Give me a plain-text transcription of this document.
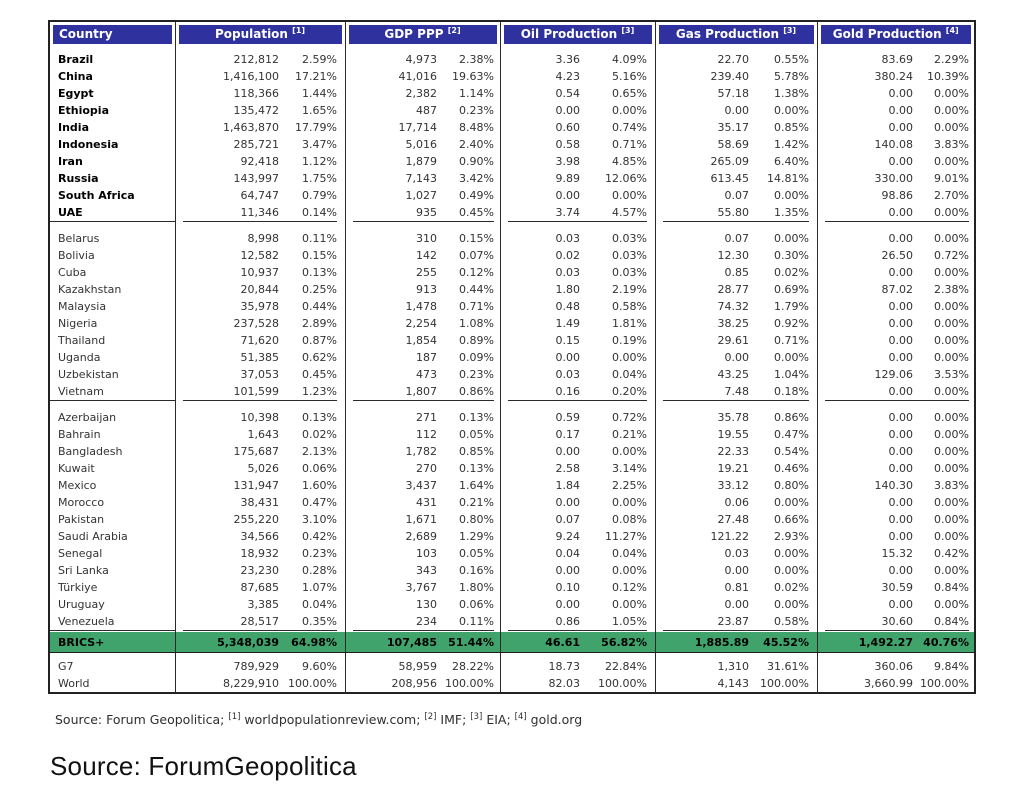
Country	Population [1]				GDP PPP [2]				Oil Production [3]				Gas Production [3]				Gold Production [4]

Brazil		212,812	2.59%			4,973	2.38%			3.36	4.09%			22.70	0.55%			83.69	2.29%	
China		1,416,100	17.21%			41,016	19.63%			4.23	5.16%			239.40	5.78%			380.24	10.39%	
Egypt		118,366	1.44%			2,382	1.14%			0.54	0.65%			57.18	1.38%			0.00	0.00%	
Ethiopia		135,472	1.65%			487	0.23%			0.00	0.00%			0.00	0.00%			0.00	0.00%	
India		1,463,870	17.79%			17,714	8.48%			0.60	0.74%			35.17	0.85%			0.00	0.00%	
Indonesia		285,721	3.47%			5,016	2.40%			0.58	0.71%			58.69	1.42%			140.08	3.83%	
Iran		92,418	1.12%			1,879	0.90%			3.98	4.85%			265.09	6.40%			0.00	0.00%	
Russia		143,997	1.75%			7,143	3.42%			9.89	12.06%			613.45	14.81%			330.00	9.01%	
South Africa		64,747	0.79%			1,027	0.49%			0.00	0.00%			0.07	0.00%			98.86	2.70%	
UAE		11,346	0.14%			935	0.45%			3.74	4.57%			55.80	1.35%			0.00	0.00%	

Belarus		8,998	0.11%			310	0.15%			0.03	0.03%			0.07	0.00%			0.00	0.00%	
Bolivia		12,582	0.15%			142	0.07%			0.02	0.03%			12.30	0.30%			26.50	0.72%	
Cuba		10,937	0.13%			255	0.12%			0.03	0.03%			0.85	0.02%			0.00	0.00%	
Kazakhstan		20,844	0.25%			913	0.44%			1.80	2.19%			28.77	0.69%			87.02	2.38%	
Malaysia		35,978	0.44%			1,478	0.71%			0.48	0.58%			74.32	1.79%			0.00	0.00%	
Nigeria		237,528	2.89%			2,254	1.08%			1.49	1.81%			38.25	0.92%			0.00	0.00%	
Thailand		71,620	0.87%			1,854	0.89%			0.15	0.19%			29.61	0.71%			0.00	0.00%	
Uganda		51,385	0.62%			187	0.09%			0.00	0.00%			0.00	0.00%			0.00	0.00%	
Uzbekistan		37,053	0.45%			473	0.23%			0.03	0.04%			43.25	1.04%			129.06	3.53%	
Vietnam		101,599	1.23%			1,807	0.86%			0.16	0.20%			7.48	0.18%			0.00	0.00%	

Azerbaijan		10,398	0.13%			271	0.13%			0.59	0.72%			35.78	0.86%			0.00	0.00%	
Bahrain		1,643	0.02%			112	0.05%			0.17	0.21%			19.55	0.47%			0.00	0.00%	
Bangladesh		175,687	2.13%			1,782	0.85%			0.00	0.00%			22.33	0.54%			0.00	0.00%	
Kuwait		5,026	0.06%			270	0.13%			2.58	3.14%			19.21	0.46%			0.00	0.00%	
Mexico		131,947	1.60%			3,437	1.64%			1.84	2.25%			33.12	0.80%			140.30	3.83%	
Morocco		38,431	0.47%			431	0.21%			0.00	0.00%			0.06	0.00%			0.00	0.00%	
Pakistan		255,220	3.10%			1,671	0.80%			0.07	0.08%			27.48	0.66%			0.00	0.00%	
Saudi Arabia		34,566	0.42%			2,689	1.29%			9.24	11.27%			121.22	2.93%			0.00	0.00%	
Senegal		18,932	0.23%			103	0.05%			0.04	0.04%			0.03	0.00%			15.32	0.42%	
Sri Lanka		23,230	0.28%			343	0.16%			0.00	0.00%			0.00	0.00%			0.00	0.00%	
Türkiye		87,685	1.07%			3,767	1.80%			0.10	0.12%			0.81	0.02%			30.59	0.84%	
Uruguay		3,385	0.04%			130	0.06%			0.00	0.00%			0.00	0.00%			0.00	0.00%	
Venezuela		28,517	0.35%			234	0.11%			0.86	1.05%			23.87	0.58%			30.60	0.84%	

BRICS+		5,348,039	64.98%			107,485	51.44%			46.61	56.82%			1,885.89	45.52%			1,492.27	40.76%	

G7		789,929	9.60%			58,959	28.22%			18.73	22.84%			1,310	31.61%			360.06	9.84%	
World		8,229,910	100.00%			208,956	100.00%			82.03	100.00%			4,143	100.00%			3,660.99	100.00%	
Source: Forum Geopolitica; [1] worldpopulationreview.com; [2] IMF; [3] EIA; [4] gold.org
Source: ForumGeopolitica
